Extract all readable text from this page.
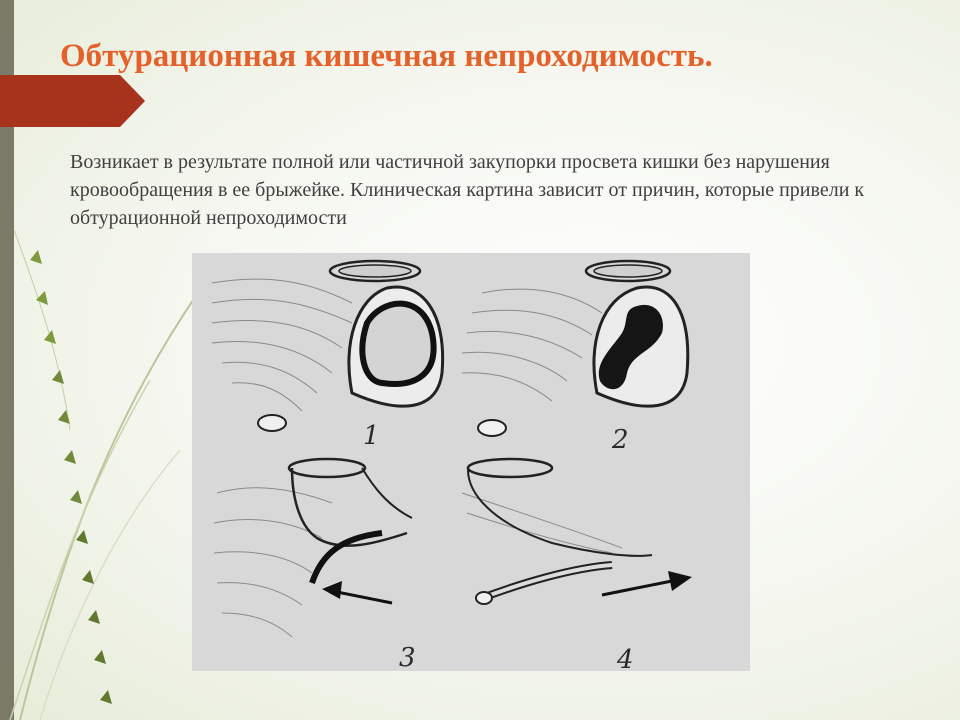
Обтурационная кишечная непроходимость.

Возникает в результате полной или частичной закупорки просвета кишки без нарушения кровообращения в ее брыжейке. Клиническая картина зависит от причин, которые привели к обтурационной непроходимости

1	2
3	4
